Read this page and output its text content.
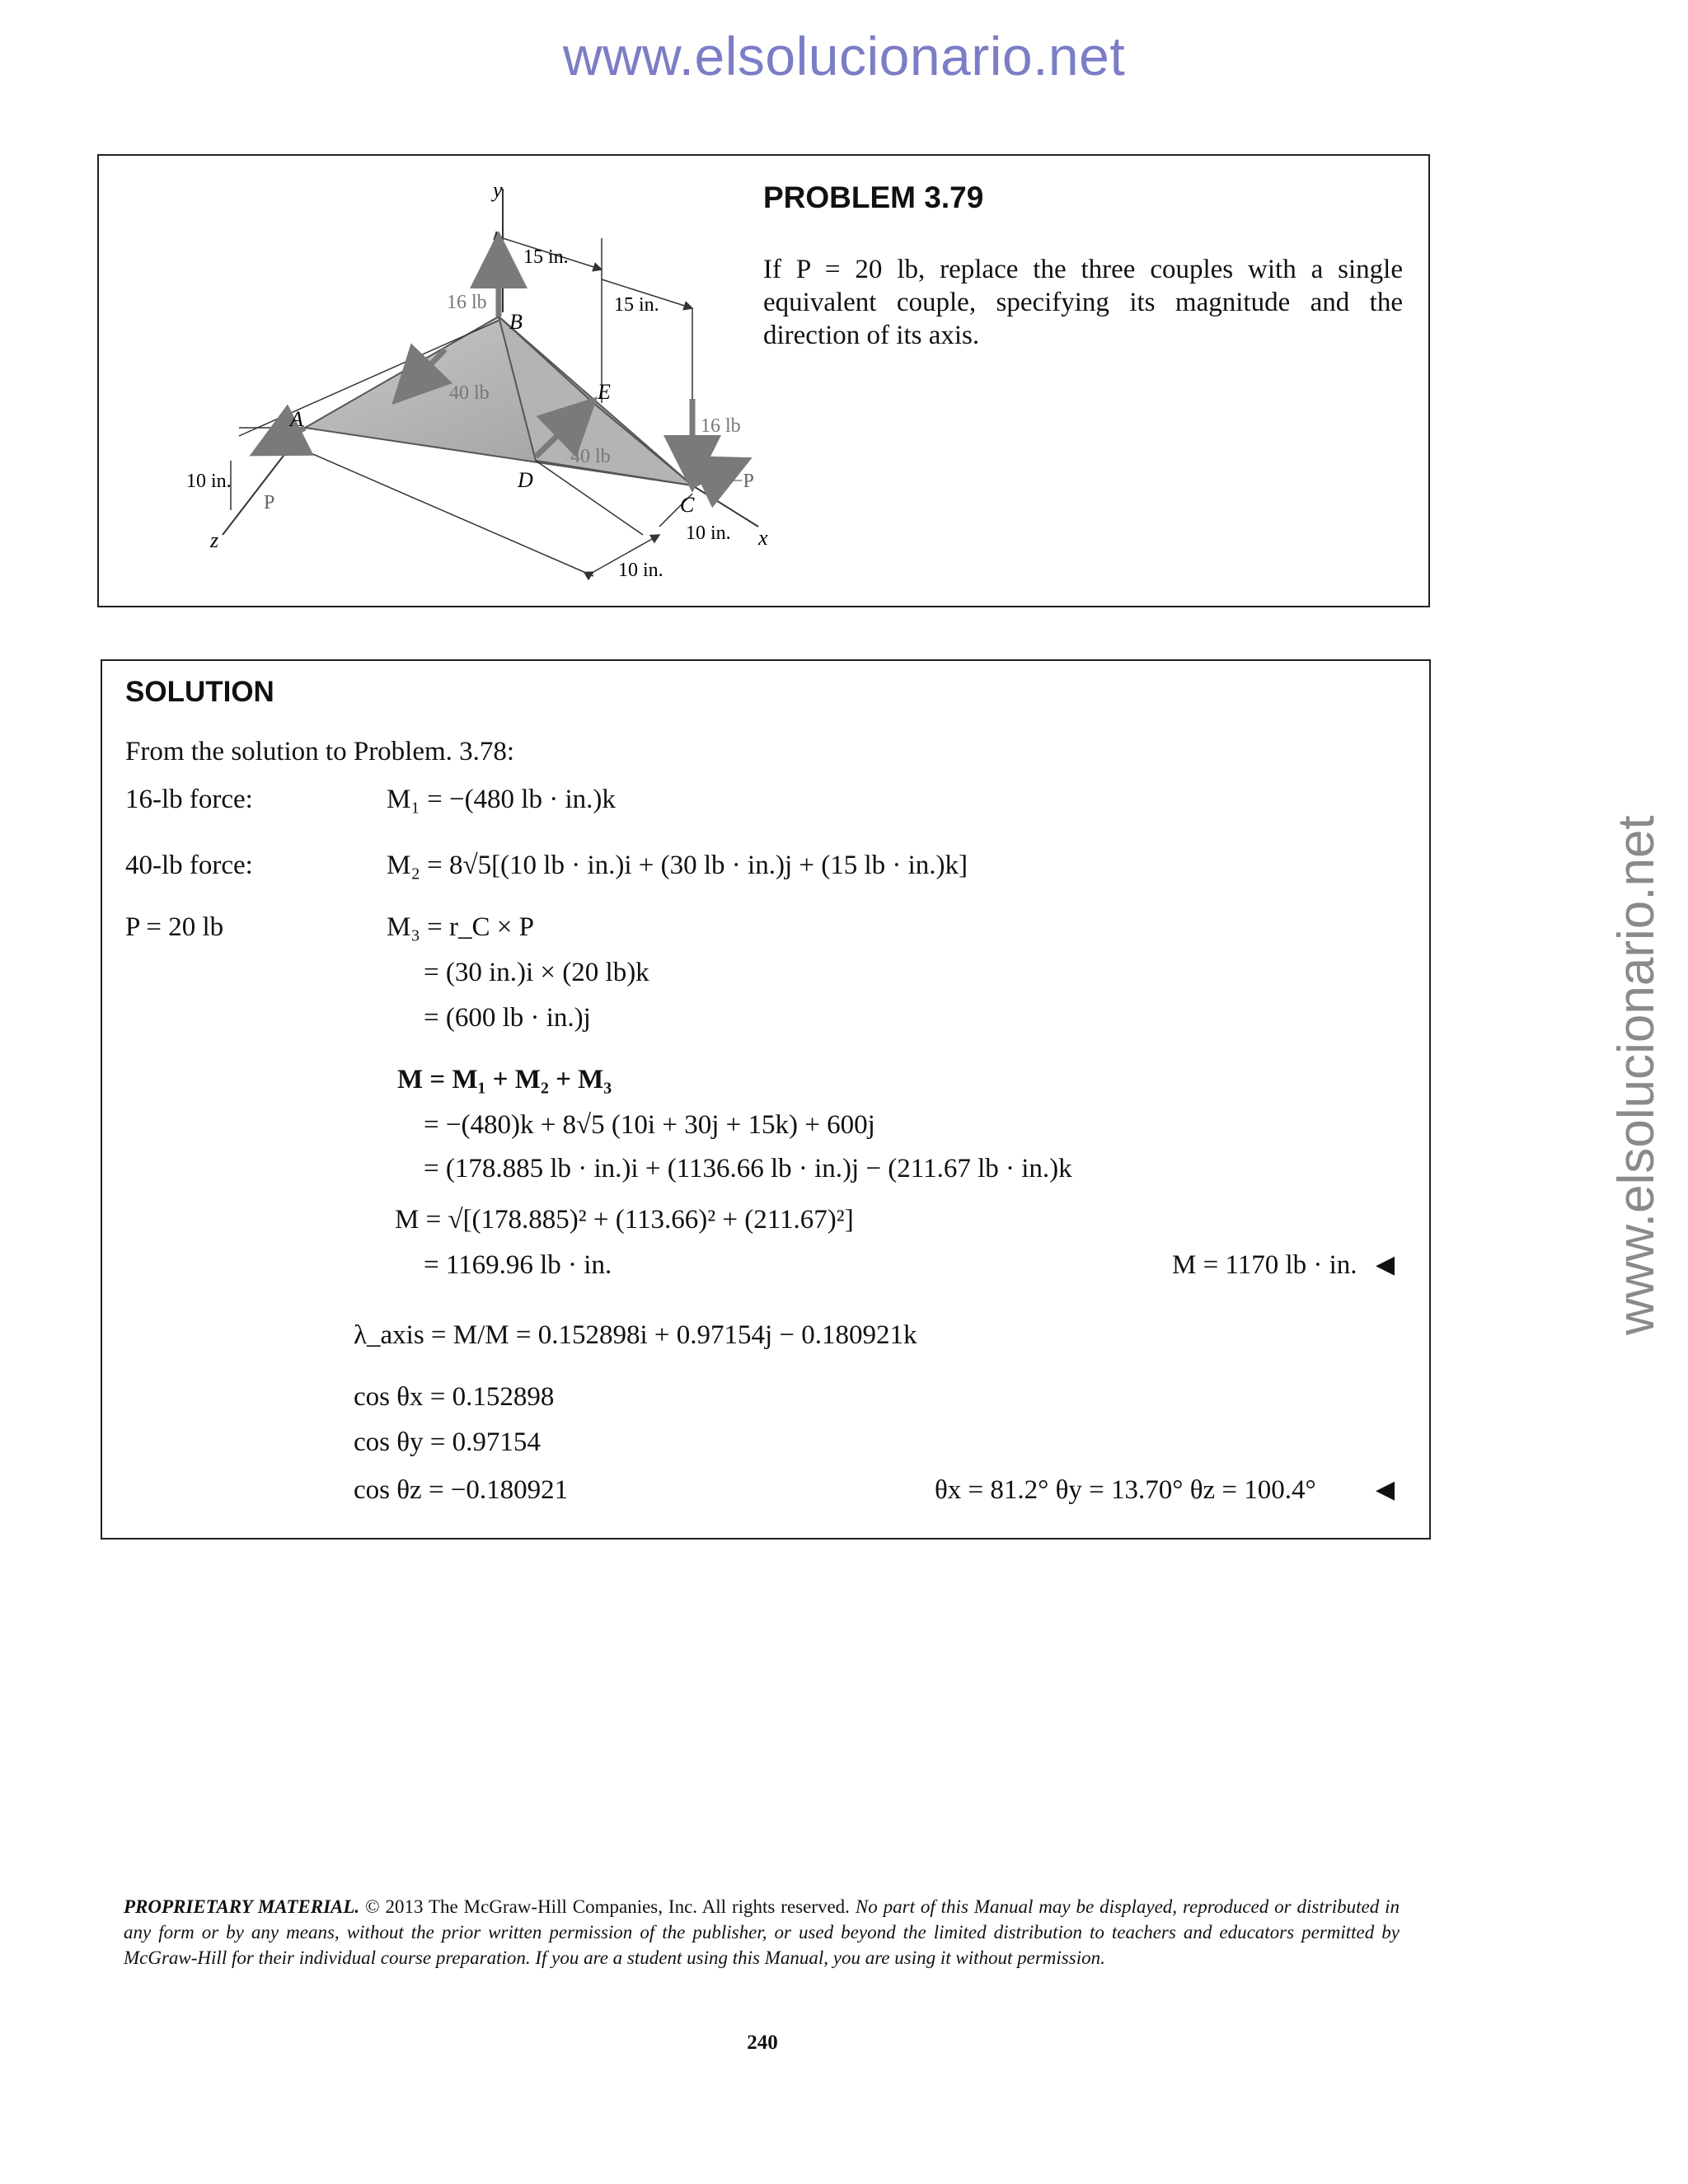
www.elsolucionario.net
www.elsolucionario.net
y
x
z
B
A
E
D
C
P
−P
16 lb
16 lb
40 lb
40 lb
15 in.
15 in.
10 in.
10 in.
10 in.
PROBLEM 3.79
If P = 20 lb, replace the three couples with a single equivalent couple, specifying its magnitude and the direction of its axis.
SOLUTION
From the solution to Problem. 3.78:
16-lb force:	M₁ = −(480 lb · in.)k
40-lb force:	M₂ = 8√5[(10 lb · in.)i + (30 lb · in.)j + (15 lb · in.)k]
P = 20 lb	M₃ = r_C × P
= (30 in.)i × (20 lb)k
= (600 lb · in.)j
M = M₁ + M₂ + M₃
= −(480)k + 8√5 (10i + 30j + 15k) + 600j
= (178.885 lb · in.)i + (1136.66 lb · in.)j − (211.67 lb · in.)k
M = √[(178.885)² + (113.66)² + (211.67)²]
= 1169.96 lb · in.	M = 1170 lb · in. ◀
λ_axis = M/M = 0.152898i + 0.97154j − 0.180921k
cos θx = 0.152898
cos θy = 0.97154
cos θz = −0.180921	θx = 81.2° θy = 13.70° θz = 100.4° ◀
PROPRIETARY MATERIAL. © 2013 The McGraw-Hill Companies, Inc. All rights reserved. No part of this Manual may be displayed, reproduced or distributed in any form or by any means, without the prior written permission of the publisher, or used beyond the limited distribution to teachers and educators permitted by McGraw-Hill for their individual course preparation. If you are a student using this Manual, you are using it without permission.
240
